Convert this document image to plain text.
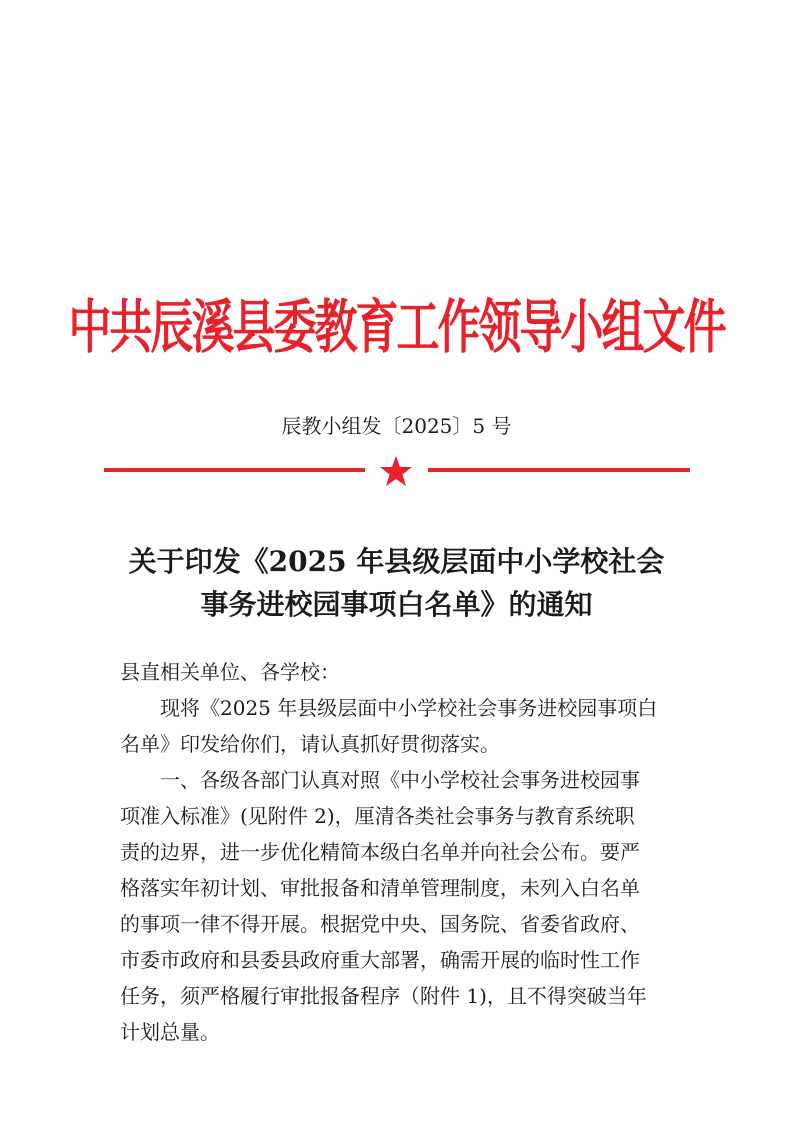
中共辰溪县委教育工作领导小组文件
辰教小组发〔2025〕5 号
关于印发《2025 年县级层面中小学校社会
事务进校园事项白名单》的通知
县直相关单位、各学校：
现将《2025 年县级层面中小学校社会事务进校园事项白
名单》印发给你们，请认真抓好贯彻落实。
一、各级各部门认真对照《中小学校社会事务进校园事
项准入标准》(见附件 2)，厘清各类社会事务与教育系统职
责的边界，进一步优化精简本级白名单并向社会公布。要严
格落实年初计划、审批报备和清单管理制度，未列入白名单
的事项一律不得开展。根据党中央、国务院、省委省政府、
市委市政府和县委县政府重大部署，确需开展的临时性工作
任务，须严格履行审批报备程序（附件 1)，且不得突破当年
计划总量。
